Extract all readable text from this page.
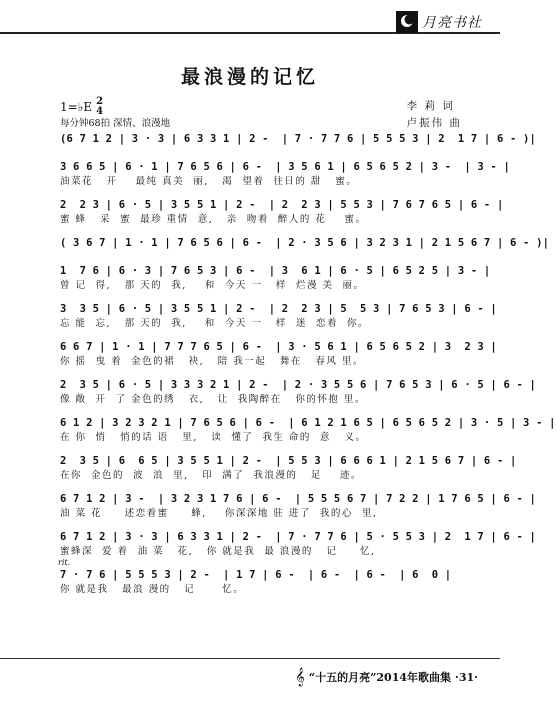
月亮书社
最浪漫的记忆
1=♭E 2
4
每分钟68拍 深情、浪漫地
李 莉 词
卢振伟 曲
(6 7 1 2 | 3 · 3 | 6 3 3 1 | 2 -  | 7 · 7 7 6 | 5 5 5 3 | 2  1 7 | 6 - )|
3 6 6 5 | 6 · 1 | 7 6 5 6 | 6 -  | 3 5 6 1 | 6 5 6 5 2 | 3 -  | 3 - |
油菜花   开    最纯 真美  丽,   渴  望着  往日的 甜   蜜。
2  2 3 | 6 · 5 | 3 5 5 1 | 2 -  | 2  2 3 | 5 5 3 | 7 6 7 6 5 | 6 - |
蜜 蜂   采  蜜  最珍 重情  意,   亲  吻着  醉人的 花    蜜。
( 3 6 7 | 1 · 1 | 7 6 5 6 | 6 -  | 2 · 3 5 6 | 3 2 3 1 | 2 1 5 6 7 | 6 - )|
1  7 6 | 6 · 3 | 7 6 5 3 | 6 -  | 3  6 1 | 6 · 5 | 6 5 2 5 | 3 - |
曾 记  得,   那 天的  我,    和  今天 一   样  烂漫 美  丽。
3  3 5 | 6 · 5 | 3 5 5 1 | 2 -  | 2  2 3 | 5  5 3 | 7 6 5 3 | 6 - |
忘 能  忘,   那 天的  我,    和  今天 一   样  迷  恋着  你。
6 6 7 | 1 · 1 | 7 7 7 6 5 | 6 -  | 3 · 5 6 1 | 6 5 6 5 2 | 3  2 3 |
你 摇  曳 着  金色的裙   袂,   陪 我一起   舞在   春风 里。
2  3 5 | 6 · 5 | 3 3 3 2 1 | 2 -  | 2 · 3 5 5 6 | 7 6 5 3 | 6 · 5 | 6 - |
像 敞  开  了 金色的绣   衣,   让  我陶醉在   你的怀抱 里。
6 1 2 | 3 2 3 2 1 | 7 6 5 6 | 6 -  | 6 1 2 1 6 5 | 6 5 6 5 2 | 3 · 5 | 3 - |
在 你  悄   悄的话 语   里,   读  懂了  我生 命的  意   义。
2  3 5 | 6  6 5 | 3 5 5 1 | 2 -  | 5 5 3 | 6 6 6 1 | 2 1 5 6 7 | 6 - |
在你  金色的  波  浪  里,   印  满了  我浪漫的   足    迹。
6 7 1 2 | 3 -  | 3 2 3 1 7 6 | 6 -  | 5 5 5 6 7 | 7 2 2 | 1 7 6 5 | 6 - |
油 菜 花     述恋着蜜     蜂,    你深深地 驻 进了  我的心  里,
6 7 1 2 | 3 · 3 | 6 3 3 1 | 2 -  | 7 · 7 7 6 | 5 · 5 5 3 | 2  1 7 | 6 - |
蜜蜂深  爱 着  油 菜   花,   你 就是我  最 浪漫的   记     忆,
rit.
7 · 7 6 | 5 5 5 3 | 2 -  | 1 7 | 6 -  | 6 -  | 6 -  | 6  0 |
你 就是我   最浪 漫的   记      忆。
𝄞 “十五的月亮”2014年歌曲集 ·31·
